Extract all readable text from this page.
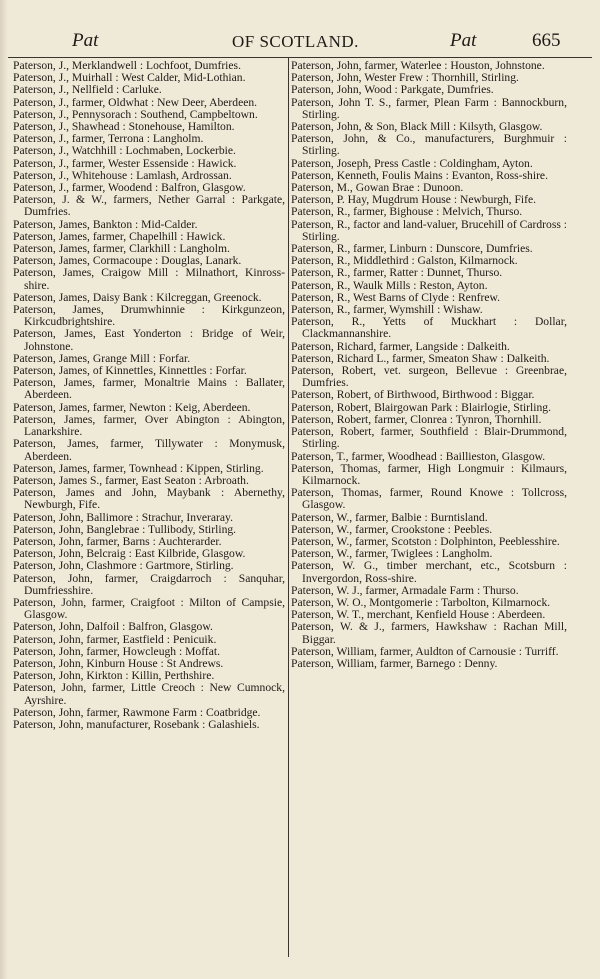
Pat	OF SCOTLAND.	Pat	665

Paterson, J., Merklandwell : Lochfoot, Dumfries.

Paterson, J., Muirhall : West Calder, Mid-Lothian.

Paterson, J., Nellfield : Carluke.

Paterson, J., farmer, Oldwhat : New Deer, Aberdeen.

Paterson, J., Pennysorach : Southend, Campbeltown.

Paterson, J., Shawhead : Stonehouse, Hamilton.

Paterson, J., farmer, Terrona : Langholm.

Paterson, J., Watchhill : Lochmaben, Lockerbie.

Paterson, J., farmer, Wester Essenside : Hawick.

Paterson, J., Whitehouse : Lamlash, Ardrossan.

Paterson, J., farmer, Woodend : Balfron, Glasgow.

Paterson, J. & W., farmers, Nether Garral : Parkgate, Dumfries.

Paterson, James, Bankton : Mid-Calder.

Paterson, James, farmer, Chapelhill : Hawick.

Paterson, James, farmer, Clarkhill : Langholm.

Paterson, James, Cormacoupe : Douglas, Lanark.

Paterson, James, Craigow Mill : Milnathort, Kinross-shire.

Paterson, James, Daisy Bank : Kilcreggan, Greenock.

Paterson, James, Drumwhinnie : Kirkgunzeon, Kirkcudbrightshire.

Paterson, James, East Yonderton : Bridge of Weir, Johnstone.

Paterson, James, Grange Mill : Forfar.

Paterson, James, of Kinnettles, Kinnettles : Forfar.

Paterson, James, farmer, Monaltrie Mains : Ballater, Aberdeen.

Paterson, James, farmer, Newton : Keig, Aberdeen.

Paterson, James, farmer, Over Abington : Abington, Lanarkshire.

Paterson, James, farmer, Tillywater : Monymusk, Aberdeen.

Paterson, James, farmer, Townhead : Kippen, Stirling.

Paterson, James S., farmer, East Seaton : Arbroath.

Paterson, James and John, Maybank : Abernethy, Newburgh, Fife.

Paterson, John, Ballimore : Strachur, Inveraray.

Paterson, John, Banglebrae : Tullibody, Stirling.

Paterson, John, farmer, Barns : Auchterarder.

Paterson, John, Belcraig : East Kilbride, Glasgow.

Paterson, John, Clashmore : Gartmore, Stirling.

Paterson, John, farmer, Craigdarroch : Sanquhar, Dumfriesshire.

Paterson, John, farmer, Craigfoot : Milton of Campsie, Glasgow.

Paterson, John, Dalfoil : Balfron, Glasgow.

Paterson, John, farmer, Eastfield : Penicuik.

Paterson, John, farmer, Howcleugh : Moffat.

Paterson, John, Kinburn House : St Andrews.

Paterson, John, Kirkton : Killin, Perthshire.

Paterson, John, farmer, Little Creoch : New Cumnock, Ayrshire.

Paterson, John, farmer, Rawmone Farm : Coatbridge.

Paterson, John, manufacturer, Rosebank : Galashiels.

Paterson, John, farmer, Waterlee : Houston, Johnstone.

Paterson, John, Wester Frew : Thornhill, Stirling.

Paterson, John, Wood : Parkgate, Dumfries.

Paterson, John T. S., farmer, Plean Farm : Bannockburn, Stirling.

Paterson, John, & Son, Black Mill : Kilsyth, Glasgow.

Paterson, John, & Co., manufacturers, Burghmuir : Stirling.

Paterson, Joseph, Press Castle : Coldingham, Ayton.

Paterson, Kenneth, Foulis Mains : Evanton, Ross-shire.

Paterson, M., Gowan Brae : Dunoon.

Paterson, P. Hay, Mugdrum House : Newburgh, Fife.

Paterson, R., farmer, Bighouse : Melvich, Thurso.

Paterson, R., factor and land-valuer, Brucehill of Cardross : Stirling.

Paterson, R., farmer, Linburn : Dunscore, Dumfries.

Paterson, R., Middlethird : Galston, Kilmarnock.

Paterson, R., farmer, Ratter : Dunnet, Thurso.

Paterson, R., Waulk Mills : Reston, Ayton.

Paterson, R., West Barns of Clyde : Renfrew.

Paterson, R., farmer, Wymshill : Wishaw.

Paterson, R., Yetts of Muckhart : Dollar, Clackmannanshire.

Paterson, Richard, farmer, Langside : Dalkeith.

Paterson, Richard L., farmer, Smeaton Shaw : Dalkeith.

Paterson, Robert, vet. surgeon, Bellevue : Greenbrae, Dumfries.

Paterson, Robert, of Birthwood, Birthwood : Biggar.

Paterson, Robert, Blairgowan Park : Blairlogie, Stirling.

Paterson, Robert, farmer, Clonrea : Tynron, Thornhill.

Paterson, Robert, farmer, Southfield : Blair-Drummond, Stirling.

Paterson, T., farmer, Woodhead : Baillieston, Glasgow.

Paterson, Thomas, farmer, High Longmuir : Kilmaurs, Kilmarnock.

Paterson, Thomas, farmer, Round Knowe : Tollcross, Glasgow.

Paterson, W., farmer, Balbie : Burntisland.

Paterson, W., farmer, Crookstone : Peebles.

Paterson, W., farmer, Scotston : Dolphinton, Peeblesshire.

Paterson, W., farmer, Twiglees : Langholm.

Paterson, W. G., timber merchant, etc., Scotsburn : Invergordon, Ross-shire.

Paterson, W. J., farmer, Armadale Farm : Thurso.

Paterson, W. O., Montgomerie : Tarbolton, Kilmarnock.

Paterson, W. T., merchant, Kenfield House : Aberdeen.

Paterson, W. & J., farmers, Hawkshaw : Rachan Mill, Biggar.

Paterson, William, farmer, Auldton of Carnousie : Turriff.

Paterson, William, farmer, Barnego : Denny.
